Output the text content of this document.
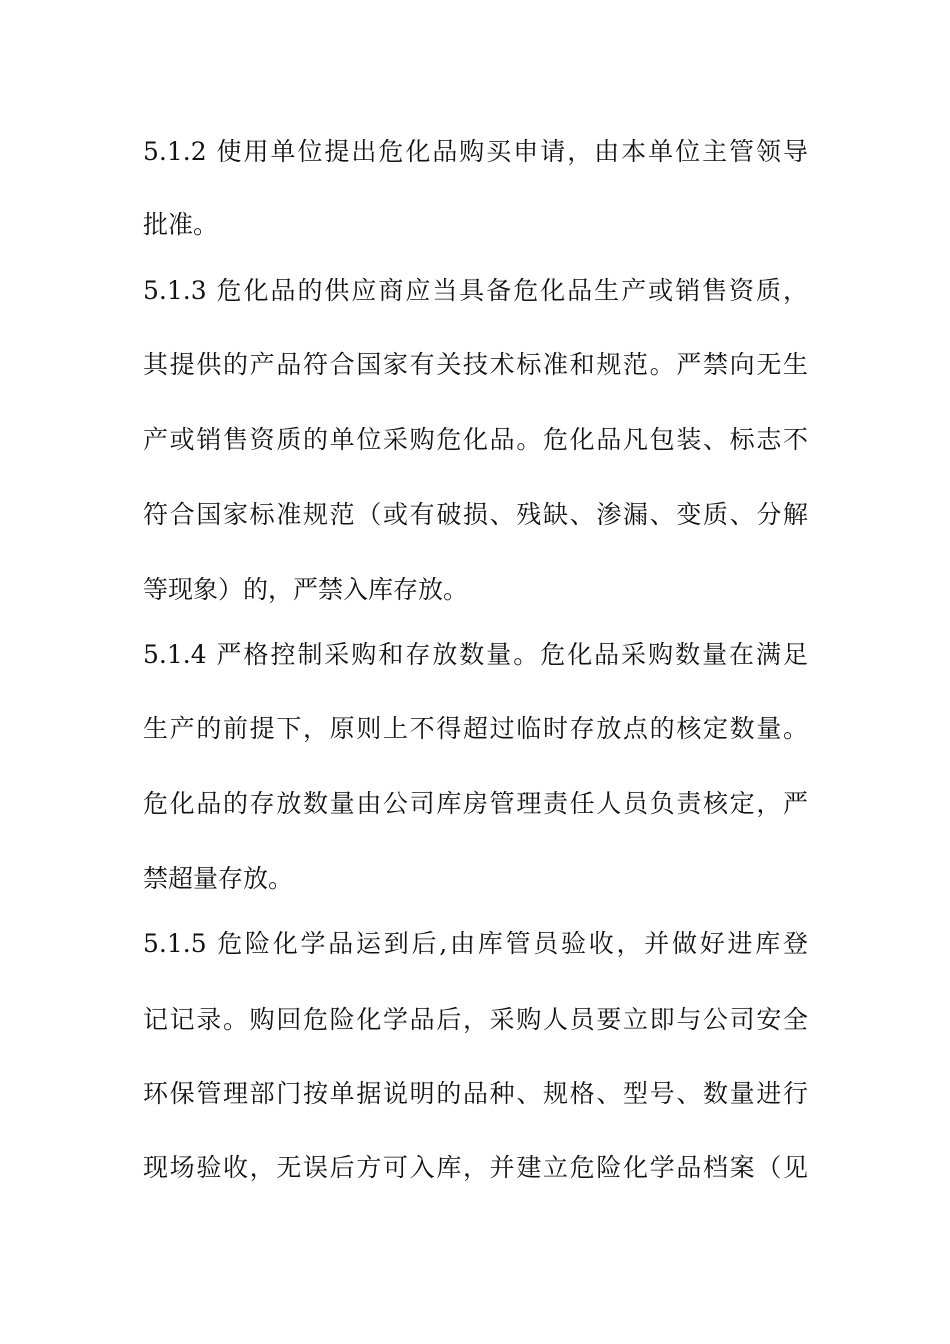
5.1.2 使用单位提出危化品购买申请，由本单位主管领导
批准。
5.1.3 危化品的供应商应当具备危化品生产或销售资质，
其提供的产品符合国家有关技术标准和规范。严禁向无生
产或销售资质的单位采购危化品。危化品凡包装、标志不
符合国家标准规范（或有破损、残缺、渗漏、变质、分解
等现象）的，严禁入库存放。
5.1.4 严格控制采购和存放数量。危化品采购数量在满足
生产的前提下，原则上不得超过临时存放点的核定数量。
危化品的存放数量由公司库房管理责任人员负责核定，严
禁超量存放。
5.1.5 危险化学品运到后,由库管员验收，并做好进库登
记记录。购回危险化学品后，采购人员要立即与公司安全
环保管理部门按单据说明的品种、规格、型号、数量进行
现场验收，无误后方可入库，并建立危险化学品档案（见
